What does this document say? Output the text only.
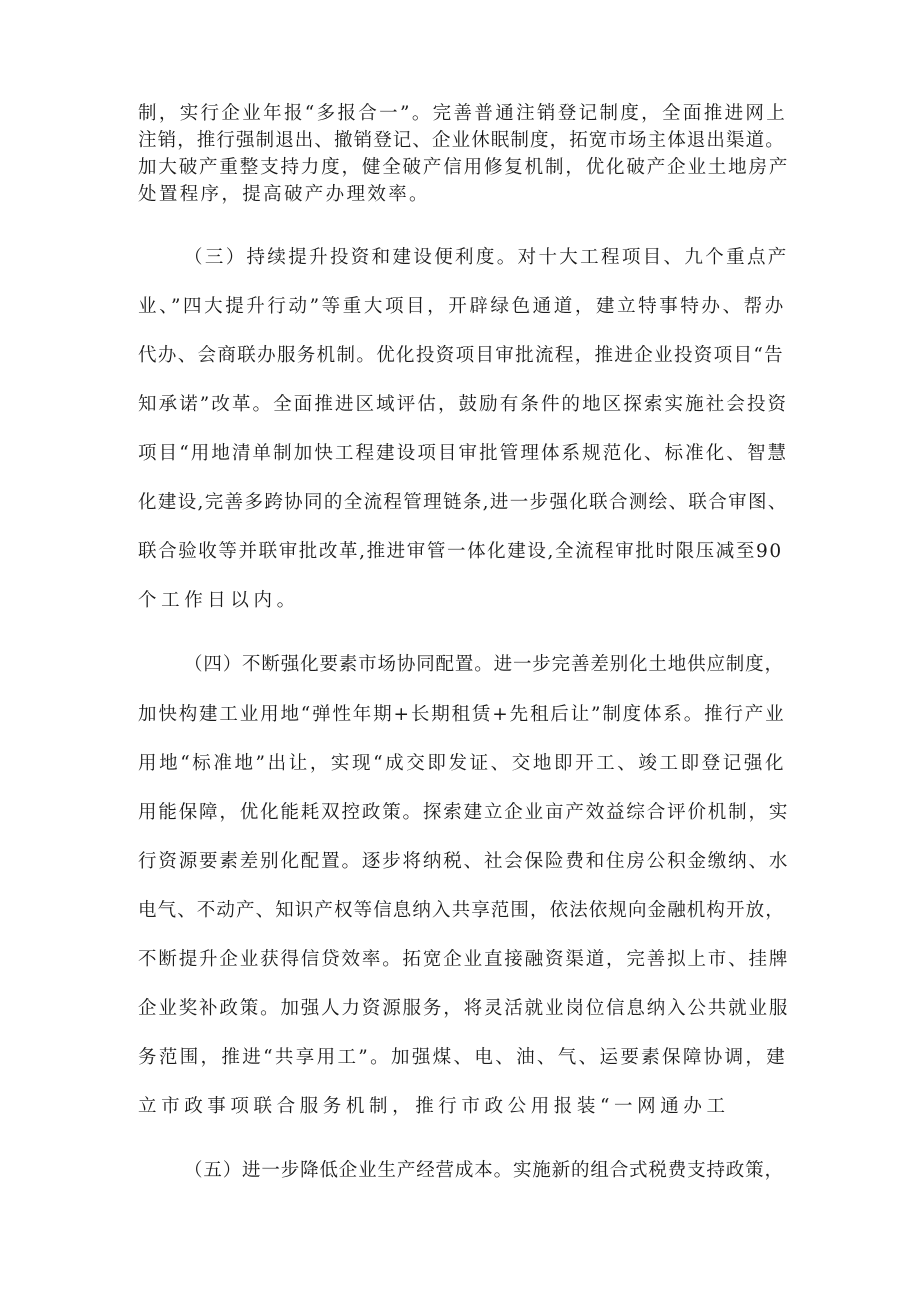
制，实行企业年报“多报合一”。完善普通注销登记制度，全面推进网上

注销，推行强制退出、撤销登记、企业休眠制度，拓宽市场主体退出渠道。

加大破产重整支持力度，健全破产信用修复机制，优化破产企业土地房产

处置程序，提高破产办理效率。

（三）持续提升投资和建设便利度。对十大工程项目、九个重点产

业、”四大提升行动”等重大项目，开辟绿色通道，建立特事特办、帮办

代办、会商联办服务机制。优化投资项目审批流程，推进企业投资项目“告

知承诺”改革。全面推进区域评估，鼓励有条件的地区探索实施社会投资

项目“用地清单制加快工程建设项目审批管理体系规范化、标准化、智慧

化建设,完善多跨协同的全流程管理链条,进一步强化联合测绘、联合审图、

联合验收等并联审批改革,推进审管一体化建设,全流程审批时限压减至90

个工作日以内。

（四）不断强化要素市场协同配置。进一步完善差别化土地供应制度，

加快构建工业用地“弹性年期+长期租赁+先租后让”制度体系。推行产业

用地“标准地”出让，实现“成交即发证、交地即开工、竣工即登记强化

用能保障，优化能耗双控政策。探索建立企业亩产效益综合评价机制，实

行资源要素差别化配置。逐步将纳税、社会保险费和住房公积金缴纳、水

电气、不动产、知识产权等信息纳入共享范围，依法依规向金融机构开放，

不断提升企业获得信贷效率。拓宽企业直接融资渠道，完善拟上市、挂牌

企业奖补政策。加强人力资源服务，将灵活就业岗位信息纳入公共就业服

务范围，推进“共享用工”。加强煤、电、油、气、运要素保障协调，建

立市政事项联合服务机制，推行市政公用报装“一网通办工

（五）进一步降低企业生产经营成本。实施新的组合式税费支持政策，
